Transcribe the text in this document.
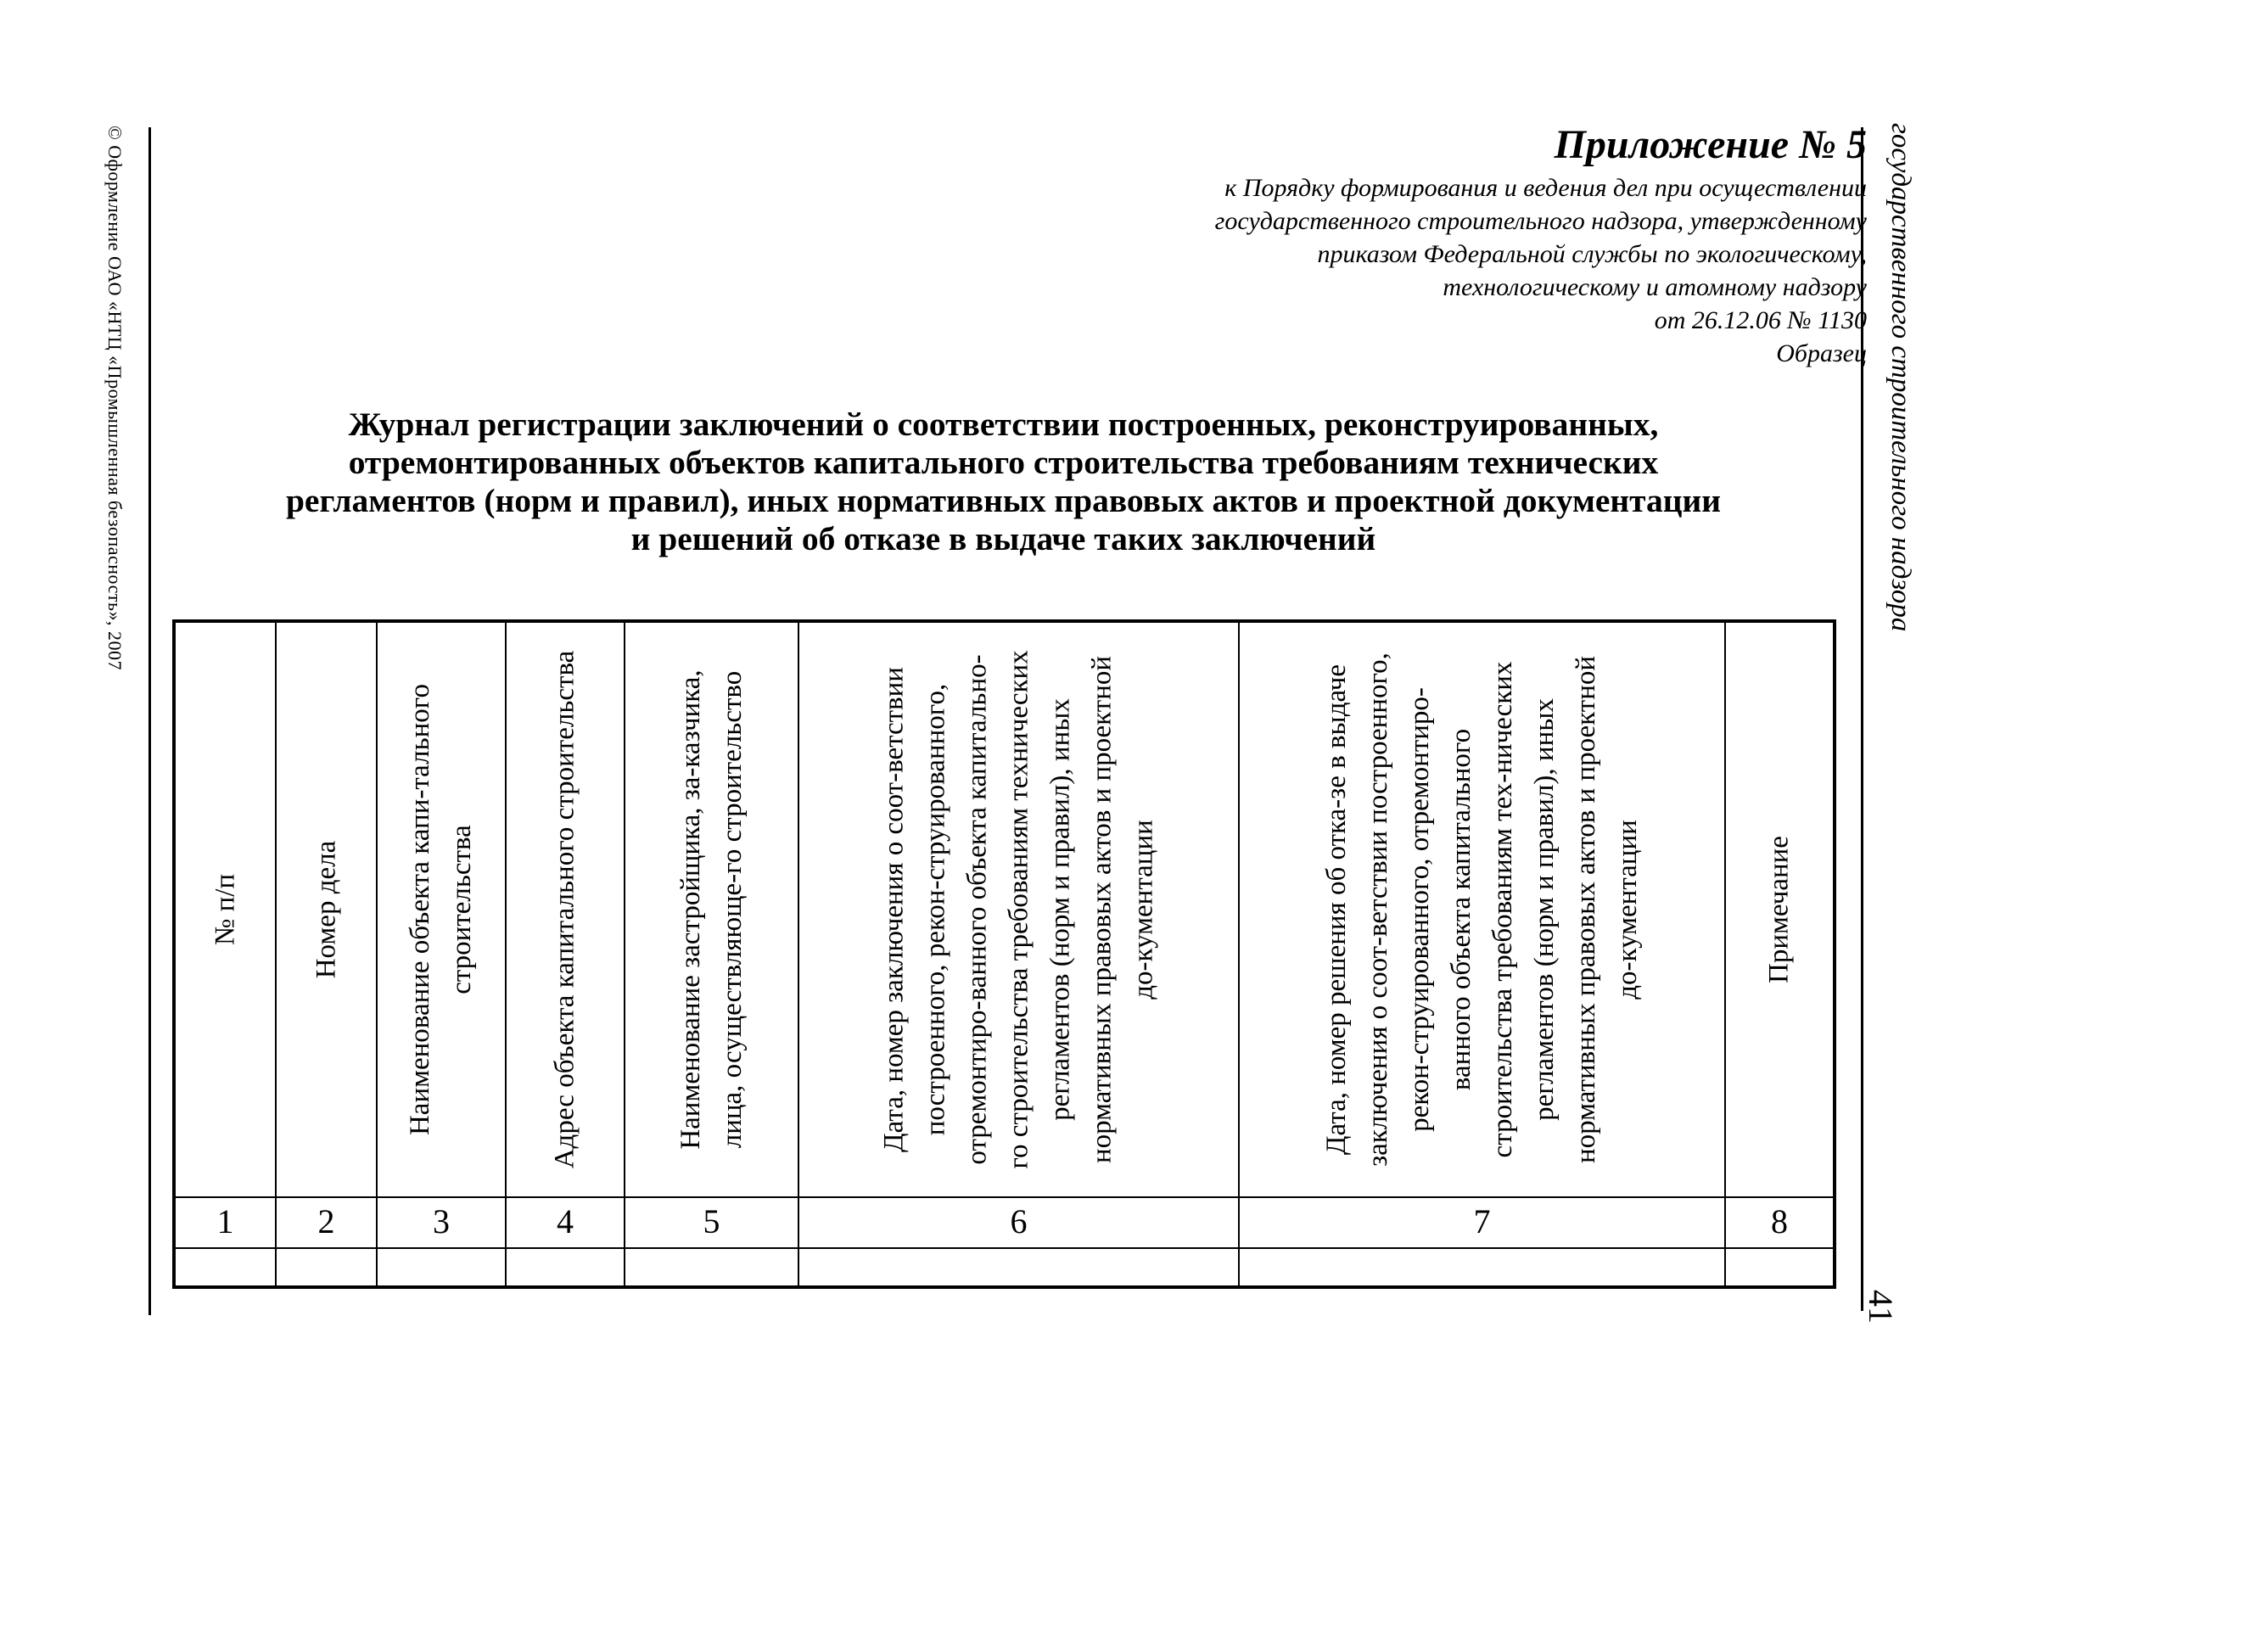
© Оформление ОАО «НТЦ «Промышленная безопасность», 2007	государственного строительного надзора
41
Приложение № 5
к Порядку формирования и ведения дел при осуществлении
государственного строительного надзора, утвержденному
приказом Федеральной службы по экологическому,
технологическому и атомному надзору
от 26.12.06 № 1130
Образец
Журнал регистрации заключений о соответствии построенных, реконструированных,
отремонтированных объектов капитального строительства требованиям технических
регламентов (норм и правил), иных нормативных правовых актов и проектной документации
и решений об отказе в выдаче таких заключений
№ п/п
1
Номер дела
2
Наименование объекта капи-тального строительства
3
Адрес объекта капитального строительства
4
Наименование застройщика, за-казчика, лица, осуществляюще-го строительство
5
Дата, номер заключения о соот-ветствии построенного, рекон-струированного, отремонтиро-ванного объекта капитально-го строительства требованиям технических регламентов (норм и правил), иных нормативных правовых актов и проектной до-кументации
6
Дата, номер решения об отка-зе в выдаче заключения о соот-ветствии построенного, рекон-струированного, отремонтиро-ванного объекта капитального строительства требованиям тех-нических регламентов (норм и правил), иных нормативных правовых актов и проектной до-кументации
7
Примечание
8
